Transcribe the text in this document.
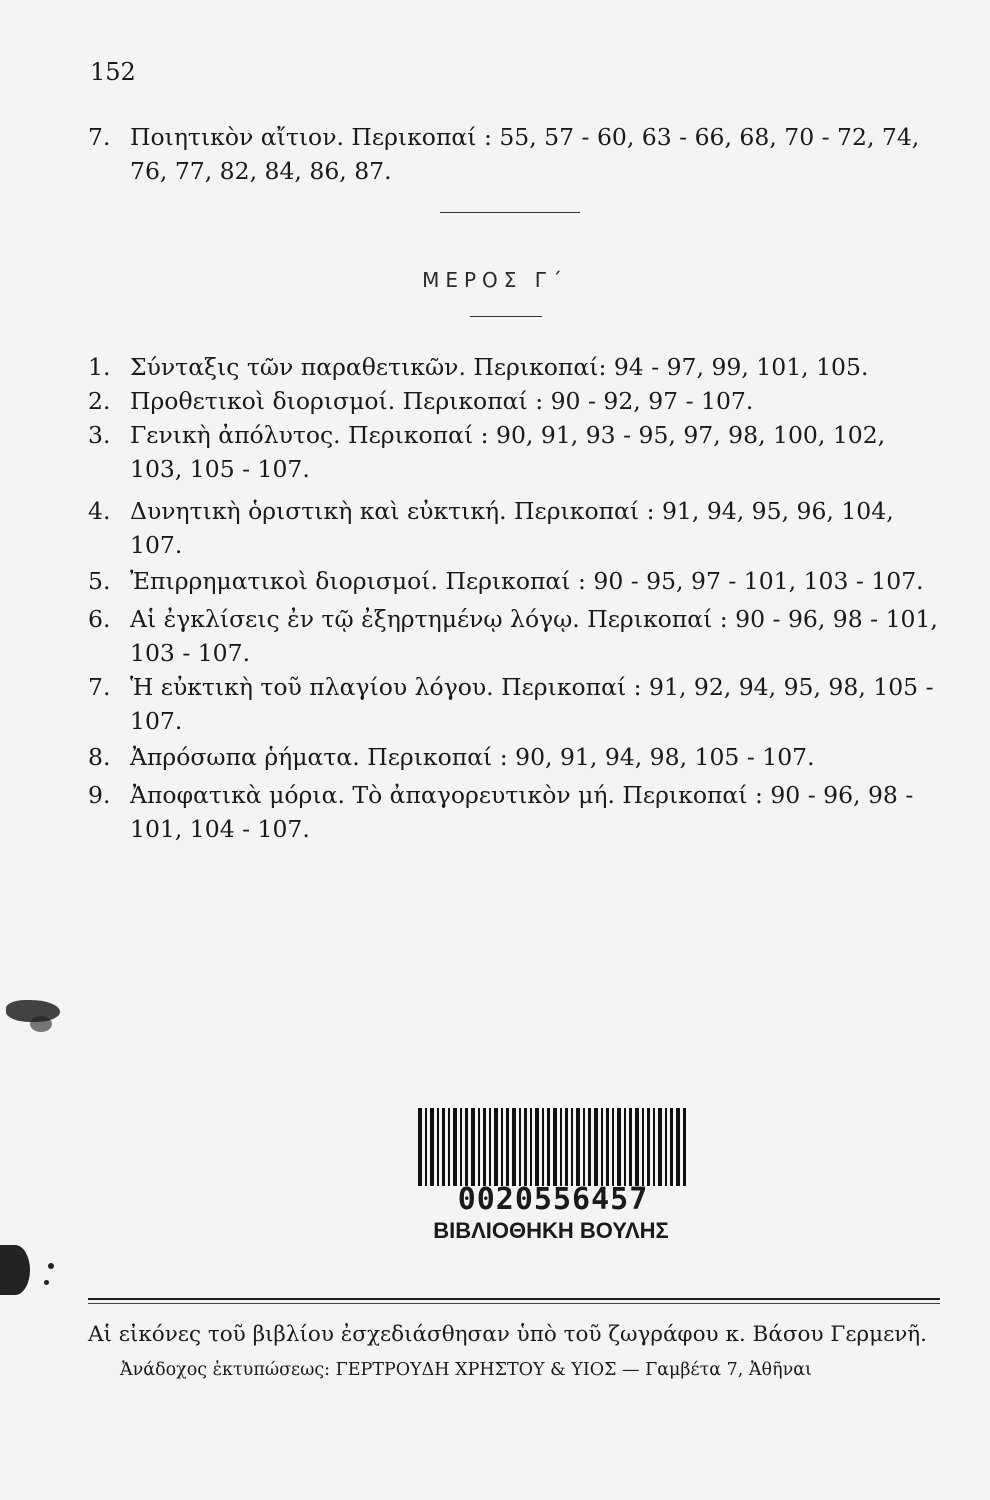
152
7. Ποιητικὸν αἴτιον. Περικοπαί : 55, 57 - 60, 63 - 66, 68, 70 - 72, 74, 76, 77, 82, 84, 86, 87.
ΜΕΡΟΣ Γ΄
1. Σύνταξις τῶν παραθετικῶν. Περικοπαί: 94 - 97, 99, 101, 105.
2. Προθετικοὶ διορισμοί. Περικοπαί : 90 - 92, 97 - 107.
3. Γενικὴ ἀπόλυτος. Περικοπαί : 90, 91, 93 - 95, 97, 98, 100, 102, 103, 105 - 107.
4. Δυνητικὴ ὁριστικὴ καὶ εὐκτική. Περικοπαί : 91, 94, 95, 96, 104, 107.
5. Ἐπιρρηματικοὶ διορισμοί. Περικοπαί : 90 - 95, 97 - 101, 103 - 107.
6. Αἱ ἐγκλίσεις ἐν τῷ ἐξηρτημένῳ λόγῳ. Περικοπαί : 90 - 96, 98 - 101, 103 - 107.
7. Ἡ εὐκτικὴ τοῦ πλαγίου λόγου. Περικοπαί : 91, 92, 94, 95, 98, 105 - 107.
8. Ἀπρόσωπα ῥήματα. Περικοπαί : 90, 91, 94, 98, 105 - 107.
9. Ἀποφατικὰ μόρια. Τὸ ἀπαγορευτικὸν μή. Περικοπαί : 90 - 96, 98 - 101, 104 - 107.
0020556457
ΒΙΒΛΙΟΘΗΚΗ ΒΟΥΛΗΣ
Αἱ εἰκόνες τοῦ βιβλίου ἐσχεδιάσθησαν ὑπὸ τοῦ ζωγράφου κ. Βάσου Γερμενῆ.
Ἀνάδοχος ἐκτυπώσεως: ΓΕΡΤΡΟΥΔΗ ΧΡΗΣΤΟΥ & ΥΙΟΣ — Γαμβέτα 7, Ἀθῆναι
